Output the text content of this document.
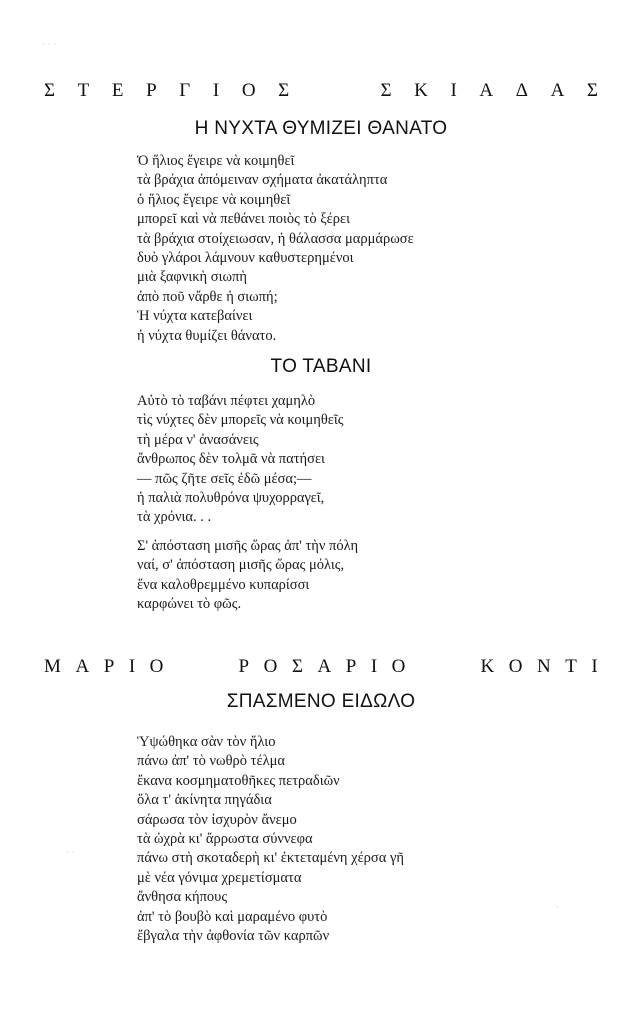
Σ Τ Ε Ρ Γ Ι Ο Σ	Σ Κ Ι Α Δ Α Σ
Η ΝΥΧΤΑ ΘΥΜΙΖΕΙ ΘΑΝΑΤΟ
Ὁ ἥλιος ἔγειρε νὰ κοιμηθεῖ
τὰ βράχια ἀπόμειναν σχήματα ἀκατάληπτα
ὁ ἥλιος ἔγειρε νὰ κοιμηθεῖ
μπορεῖ καὶ νὰ πεθάνει ποιὸς τὸ ξέρει
τὰ βράχια στοίχειωσαν, ἡ θάλασσα μαρμάρωσε
δυὸ γλάροι λάμνουν καθυστερημένοι
μιὰ ξαφνικὴ σιωπὴ
ἀπὸ ποῦ νἄρθε ἡ σιωπή;
Ἡ νύχτα κατεβαίνει
ἡ νύχτα θυμίζει θάνατο.
ΤΟ ΤΑΒΑΝΙ
Αὐτὸ τὸ ταβάνι πέφτει χαμηλὸ
τὶς νύχτες δὲν μπορεῖς νὰ κοιμηθεῖς
τὴ μέρα ν' ἀνασάνεις
ἄνθρωπος δὲν τολμᾶ νὰ πατήσει
— πῶς ζῆτε σεῖς ἐδῶ μέσα;—
ἡ παλιὰ πολυθρόνα ψυχορραγεῖ,
τὰ χρόνια. . .
Σ' ἀπόσταση μισῆς ὥρας ἀπ' τὴν πόλη
ναί, σ' ἀπόσταση μισῆς ὥρας μόλις,
ἕνα καλοθρεμμένο κυπαρίσσι
καρφώνει τὸ φῶς.
Μ Α Ρ Ι Ο	Ρ Ο Σ Α Ρ Ι Ο	Κ Ο Ν Τ Ι
ΣΠΑΣΜΕΝΟ ΕΙΔΩΛΟ
Ὑψώθηκα σὰν τὸν ἥλιο
πάνω ἀπ' τὸ νωθρὸ τέλμα
ἔκανα κοσμηματοθῆκες πετραδιῶν
ὅλα τ' ἀκίνητα πηγάδια
σάρωσα τὸν ἰσχυρὸν ἄνεμο
τὰ ὠχρὰ κι' ἄρρωστα σύννεφα
πάνω στὴ σκοταδερὴ κι' ἐκτεταμένη χέρσα γῆ
μὲ νέα γόνιμα χρεμετίσματα
ἄνθησα κήπους
ἀπ' τὸ βουβὸ καὶ μαραμένο φυτὸ
ἔβγαλα τὴν ἀφθονία τῶν καρπῶν
· · ·
· ·
·
